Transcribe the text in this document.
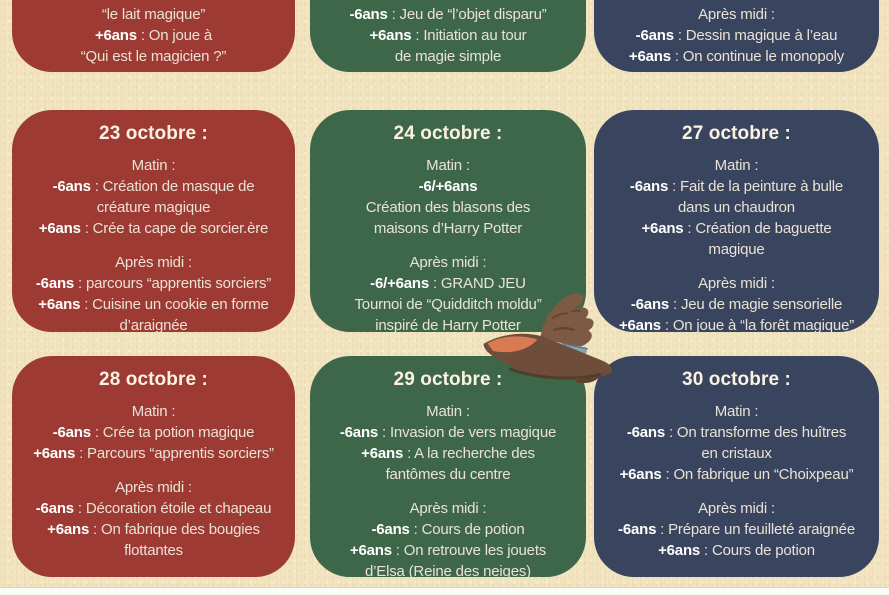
“le lait magique”
+6ans : On joue à
“Qui est le magicien ?”
-6ans : Jeu de “l’objet disparu”
+6ans : Initiation au tour
de magie simple
Après midi :
-6ans : Dessin magique à l’eau
+6ans : On continue le monopoly
23 octobre :
Matin :
-6ans : Création de masque de
créature magique
+6ans : Crée ta cape de sorcier.ère
Après midi :
-6ans : parcours “apprentis sorciers”
+6ans : Cuisine un cookie en forme
d’araignée
24 octobre :
Matin :
-6/+6ans
Création des blasons des
maisons d’Harry Potter
Après midi :
-6/+6ans : GRAND JEU
Tournoi de “Quidditch moldu”
inspiré de Harry Potter
27 octobre :
Matin :
-6ans : Fait de la peinture à bulle
dans un chaudron
+6ans : Création de baguette
magique
Après midi :
-6ans : Jeu de magie sensorielle
+6ans : On joue à “la forêt magique”
28 octobre :
Matin :
-6ans : Crée ta potion magique
+6ans : Parcours “apprentis sorciers”
Après midi :
-6ans : Décoration étoile et chapeau
+6ans : On fabrique des bougies
flottantes
29 octobre :
Matin :
-6ans : Invasion de vers magique
+6ans : A la recherche des
fantômes du centre
Après midi :
-6ans : Cours de potion
+6ans : On retrouve les jouets
d’Elsa (Reine des neiges)
30 octobre :
Matin :
-6ans : On transforme des huîtres
en cristaux
+6ans : On fabrique un “Choixpeau”
Après midi :
-6ans : Prépare un feuilleté araignée
+6ans : Cours de potion
